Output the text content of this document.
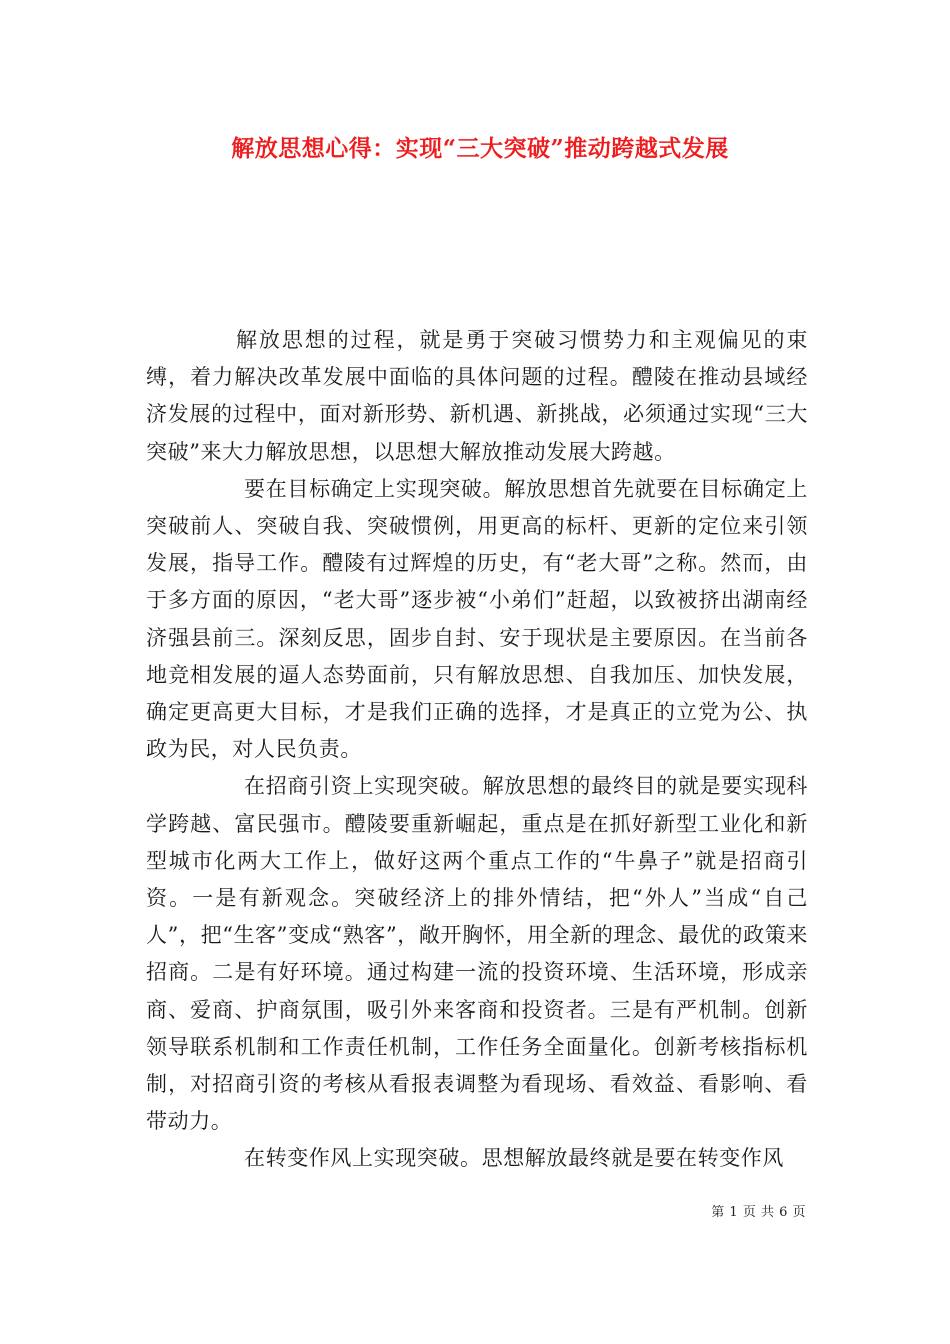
解放思想心得：实现“三大突破”推动跨越式发展

解放思想的过程，就是勇于突破习惯势力和主观偏见的束缚，着力解决改革发展中面临的具体问题的过程。醴陵在推动县域经济发展的过程中，面对新形势、新机遇、新挑战，必须通过实现“三大突破”来大力解放思想，以思想大解放推动发展大跨越。

要在目标确定上实现突破。解放思想首先就要在目标确定上突破前人、突破自我、突破惯例，用更高的标杆、更新的定位来引领发展，指导工作。醴陵有过辉煌的历史，有“老大哥”之称。然而，由于多方面的原因，“老大哥”逐步被“小弟们”赶超，以致被挤出湖南经济强县前三。深刻反思，固步自封、安于现状是主要原因。在当前各地竞相发展的逼人态势面前，只有解放思想、自我加压、加快发展，确定更高更大目标，才是我们正确的选择，才是真正的立党为公、执政为民，对人民负责。

在招商引资上实现突破。解放思想的最终目的就是要实现科学跨越、富民强市。醴陵要重新崛起，重点是在抓好新型工业化和新型城市化两大工作上，做好这两个重点工作的“牛鼻子”就是招商引资。一是有新观念。突破经济上的排外情结，把“外人”当成“自己人”，把“生客”变成“熟客”，敞开胸怀，用全新的理念、最优的政策来招商。二是有好环境。通过构建一流的投资环境、生活环境，形成亲商、爱商、护商氛围，吸引外来客商和投资者。三是有严机制。创新领导联系机制和工作责任机制，工作任务全面量化。创新考核指标机制，对招商引资的考核从看报表调整为看现场、看效益、看影响、看带动力。

在转变作风上实现突破。思想解放最终就是要在转变作风

第 1 页 共 6 页
